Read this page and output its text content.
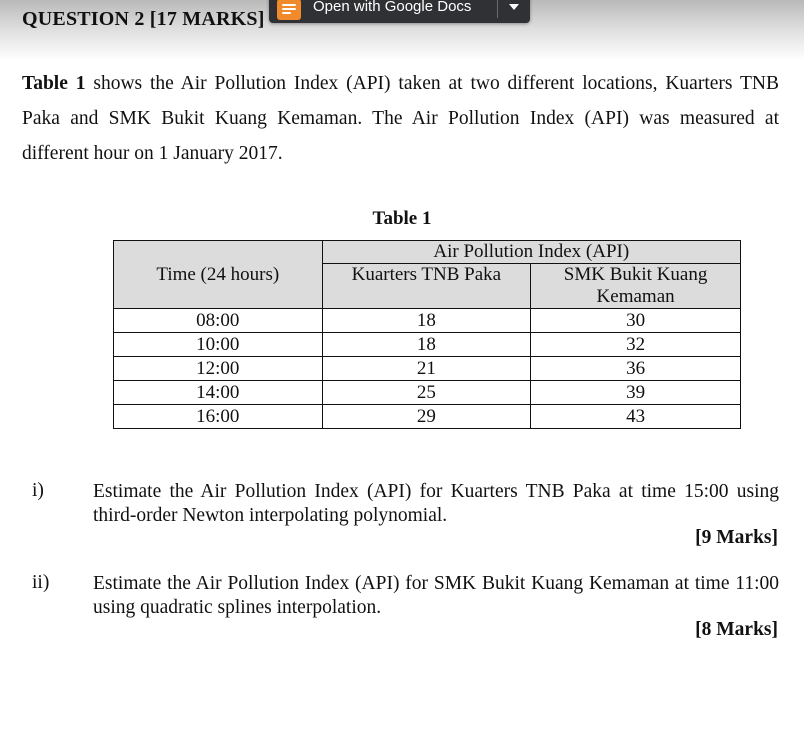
QUESTION 2 [17 MARKS]
Open with Google Docs
Table 1 shows the Air Pollution Index (API) taken at two different locations, Kuarters TNB Paka and SMK Bukit Kuang Kemaman. The Air Pollution Index (API) was measured at different hour on 1 January 2017.
Table 1
Time (24 hours)	Air Pollution Index (API)	
	Kuarters TNB Paka	SMK Bukit Kuang Kemaman
08:00	18	30
10:00	18	32
12:00	21	36
14:00	25	39
16:00	29	43
i)	Estimate the Air Pollution Index (API) for Kuarters TNB Paka at time 15:00 using third-order Newton interpolating polynomial.
[9 Marks]
ii) Estimate the Air Pollution Index (API) for SMK Bukit Kuang Kemaman at time 11:00 using quadratic splines interpolation.
[8 Marks]
